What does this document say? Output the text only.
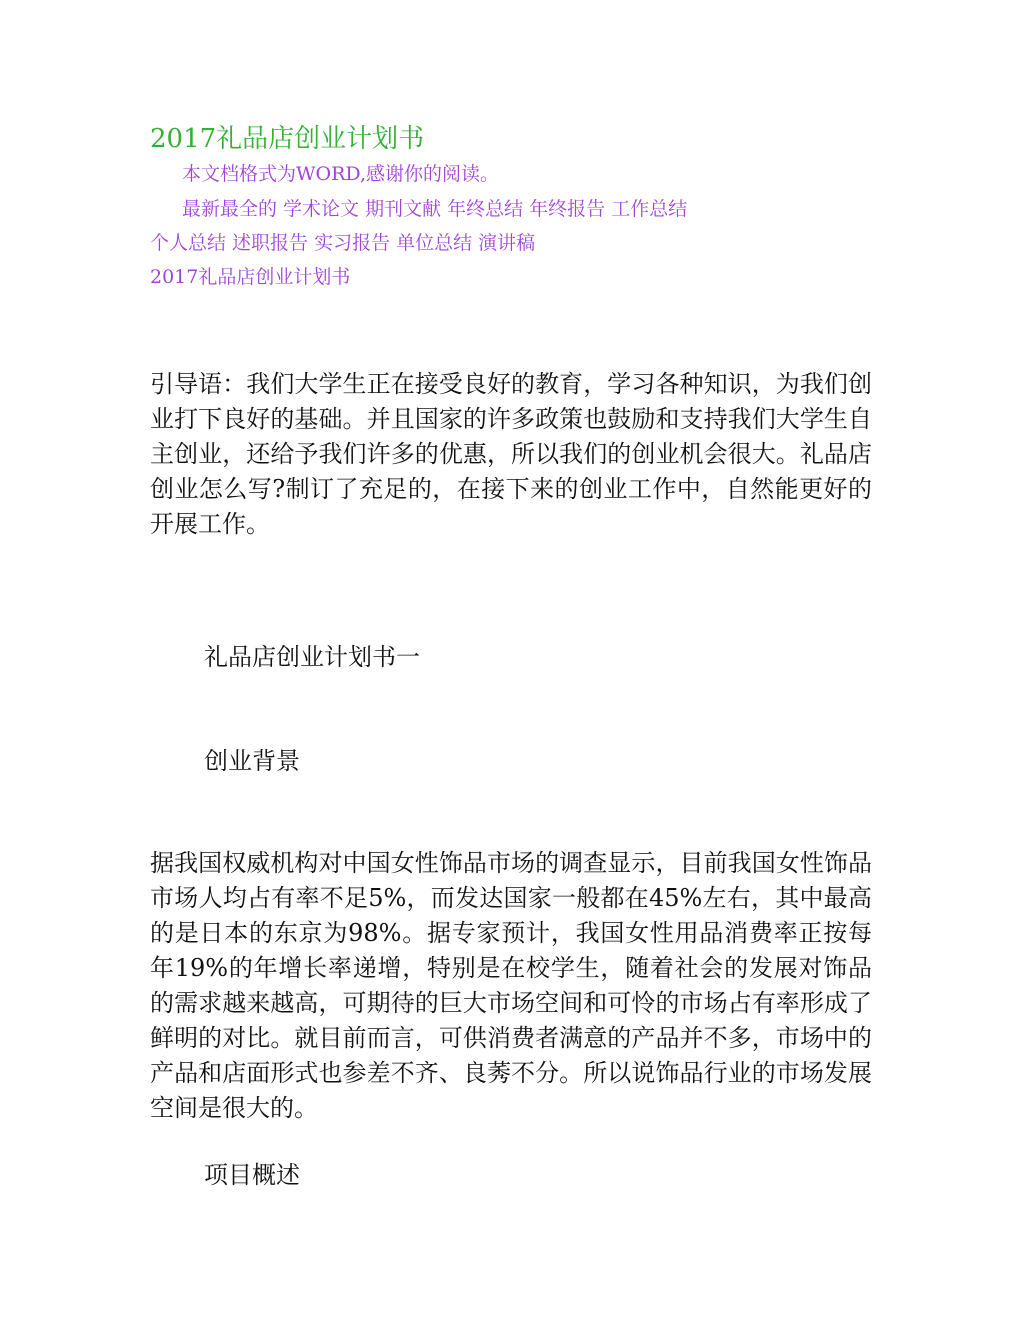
2017礼品店创业计划书
本文档格式为WORD,感谢你的阅读。
最新最全的 学术论文 期刊文献 年终总结 年终报告 工作总结
个人总结 述职报告 实习报告 单位总结 演讲稿
2017礼品店创业计划书
引导语：我们大学生正在接受良好的教育，学习各种知识，为我们创业打下良好的基础。并且国家的许多政策也鼓励和支持我们大学生自主创业，还给予我们许多的优惠，所以我们的创业机会很大。礼品店创业怎么写?制订了充足的，在接下来的创业工作中，自然能更好的开展工作。
礼品店创业计划书一
创业背景
据我国权威机构对中国女性饰品市场的调查显示，目前我国女性饰品市场人均占有率不足5%，而发达国家一般都在45%左右，其中最高的是日本的东京为98%。据专家预计，我国女性用品消费率正按每年19%的年增长率递增，特别是在校学生，随着社会的发展对饰品的需求越来越高，可期待的巨大市场空间和可怜的市场占有率形成了鲜明的对比。就目前而言，可供消费者满意的产品并不多，市场中的产品和店面形式也参差不齐、良莠不分。所以说饰品行业的市场发展空间是很大的。
项目概述
